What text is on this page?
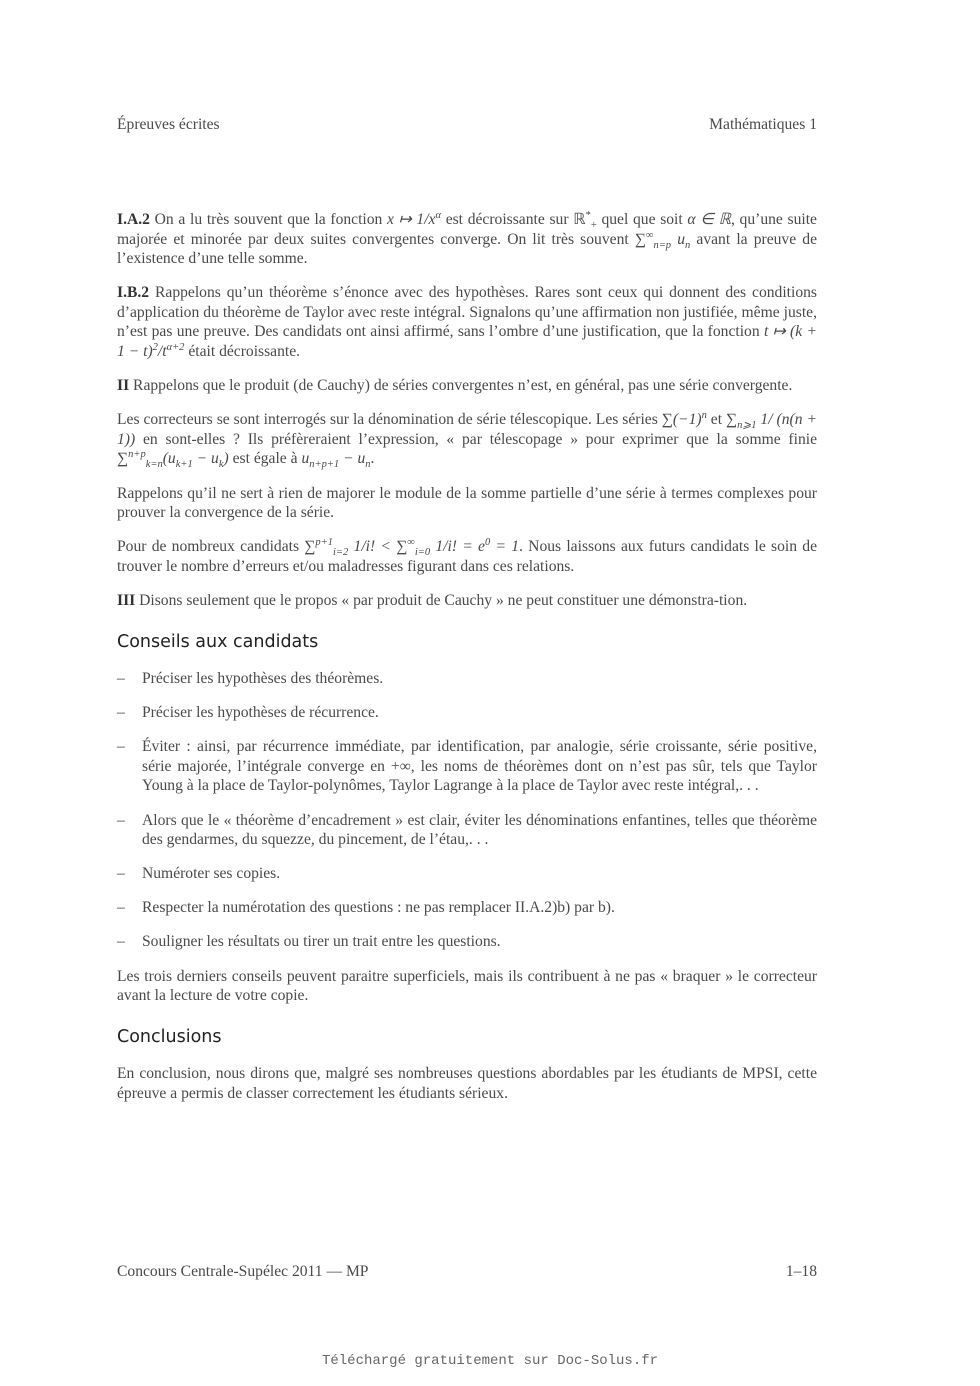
Épreuves écrites	Mathématiques 1

I.A.2 On a lu très souvent que la fonction x ↦ $1/x^\alpha$ est décroissante sur ℝ*$_+$ quel que soit α ∈ ℝ, qu’une suite majorée et minorée par deux suites convergentes converge. On lit très souvent $\sum^\infty_{n=p}$ $u_n$ avant la preuve de l’existence d’une telle somme.

I.B.2 Rappelons qu’un théorème s’énonce avec des hypothèses. Rares sont ceux qui donnent des conditions d’application du théorème de Taylor avec reste intégral. Signalons qu’une affirmation non justifiée, même juste, n’est pas une preuve. Des candidats ont ainsi affirmé, sans l’ombre d’une justification, que la fonction t ↦ $(k + 1 - t)^2/t^{\alpha+2}$ était décroissante.

II Rappelons que le produit (de Cauchy) de séries convergentes n’est, en général, pas une série convergente.

Les correcteurs se sont interrogés sur la dénomination de série télescopique. Les séries $\sum(-1)^n$ et $\sum_{n⩾1}$ 1/ (n(n + 1)) en sont-elles ? Ils préfèreraient l’expression, « par télescopage » pour exprimer que la somme finie $\sum^{n+p}_{k=n}(u_{k+1} - u_k)$ est égale à $u_{n+p+1} - u_n$.

Rappelons qu’il ne sert à rien de majorer le module de la somme partielle d’une série à termes complexes pour prouver la convergence de la série.

Pour de nombreux candidats ∑$^{p+1}_{i=2}$ 1/i! < $\sum^\infty_{i=0}$ 1/i! = $e^0 = 1$. Nous laissons aux futurs candidats le soin de trouver le nombre d’erreurs et/ou maladresses figurant dans ces relations.

III Disons seulement que le propos « par produit de Cauchy » ne peut constituer une démonstra-tion.

Conseils aux candidats
– Préciser les hypothèses des théorèmes.
– Préciser les hypothèses de récurrence.
– Éviter : ainsi, par récurrence immédiate, par identification, par analogie, série croissante, série positive, série majorée, l’intégrale converge en +∞, les noms de théorèmes dont on n’est pas sûr, tels que Taylor Young à la place de Taylor-polynômes, Taylor Lagrange à la place de Taylor avec reste intégral,. . .
– Alors que le « théorème d’encadrement » est clair, éviter les dénominations enfantines, telles que théorème des gendarmes, du squezze, du pincement, de l’étau,. . .
– Numéroter ses copies.
– Respecter la numérotation des questions : ne pas remplacer II.A.2)b) par b).
– Souligner les résultats ou tirer un trait entre les questions.

Les trois derniers conseils peuvent paraitre superficiels, mais ils contribuent à ne pas « braquer » le correcteur avant la lecture de votre copie.

Conclusions

En conclusion, nous dirons que, malgré ses nombreuses questions abordables par les étudiants de MPSI, cette épreuve a permis de classer correctement les étudiants sérieux.

Concours Centrale-Supélec 2011 — MP	1–18
Téléchargé gratuitement sur Doc-Solus.fr
